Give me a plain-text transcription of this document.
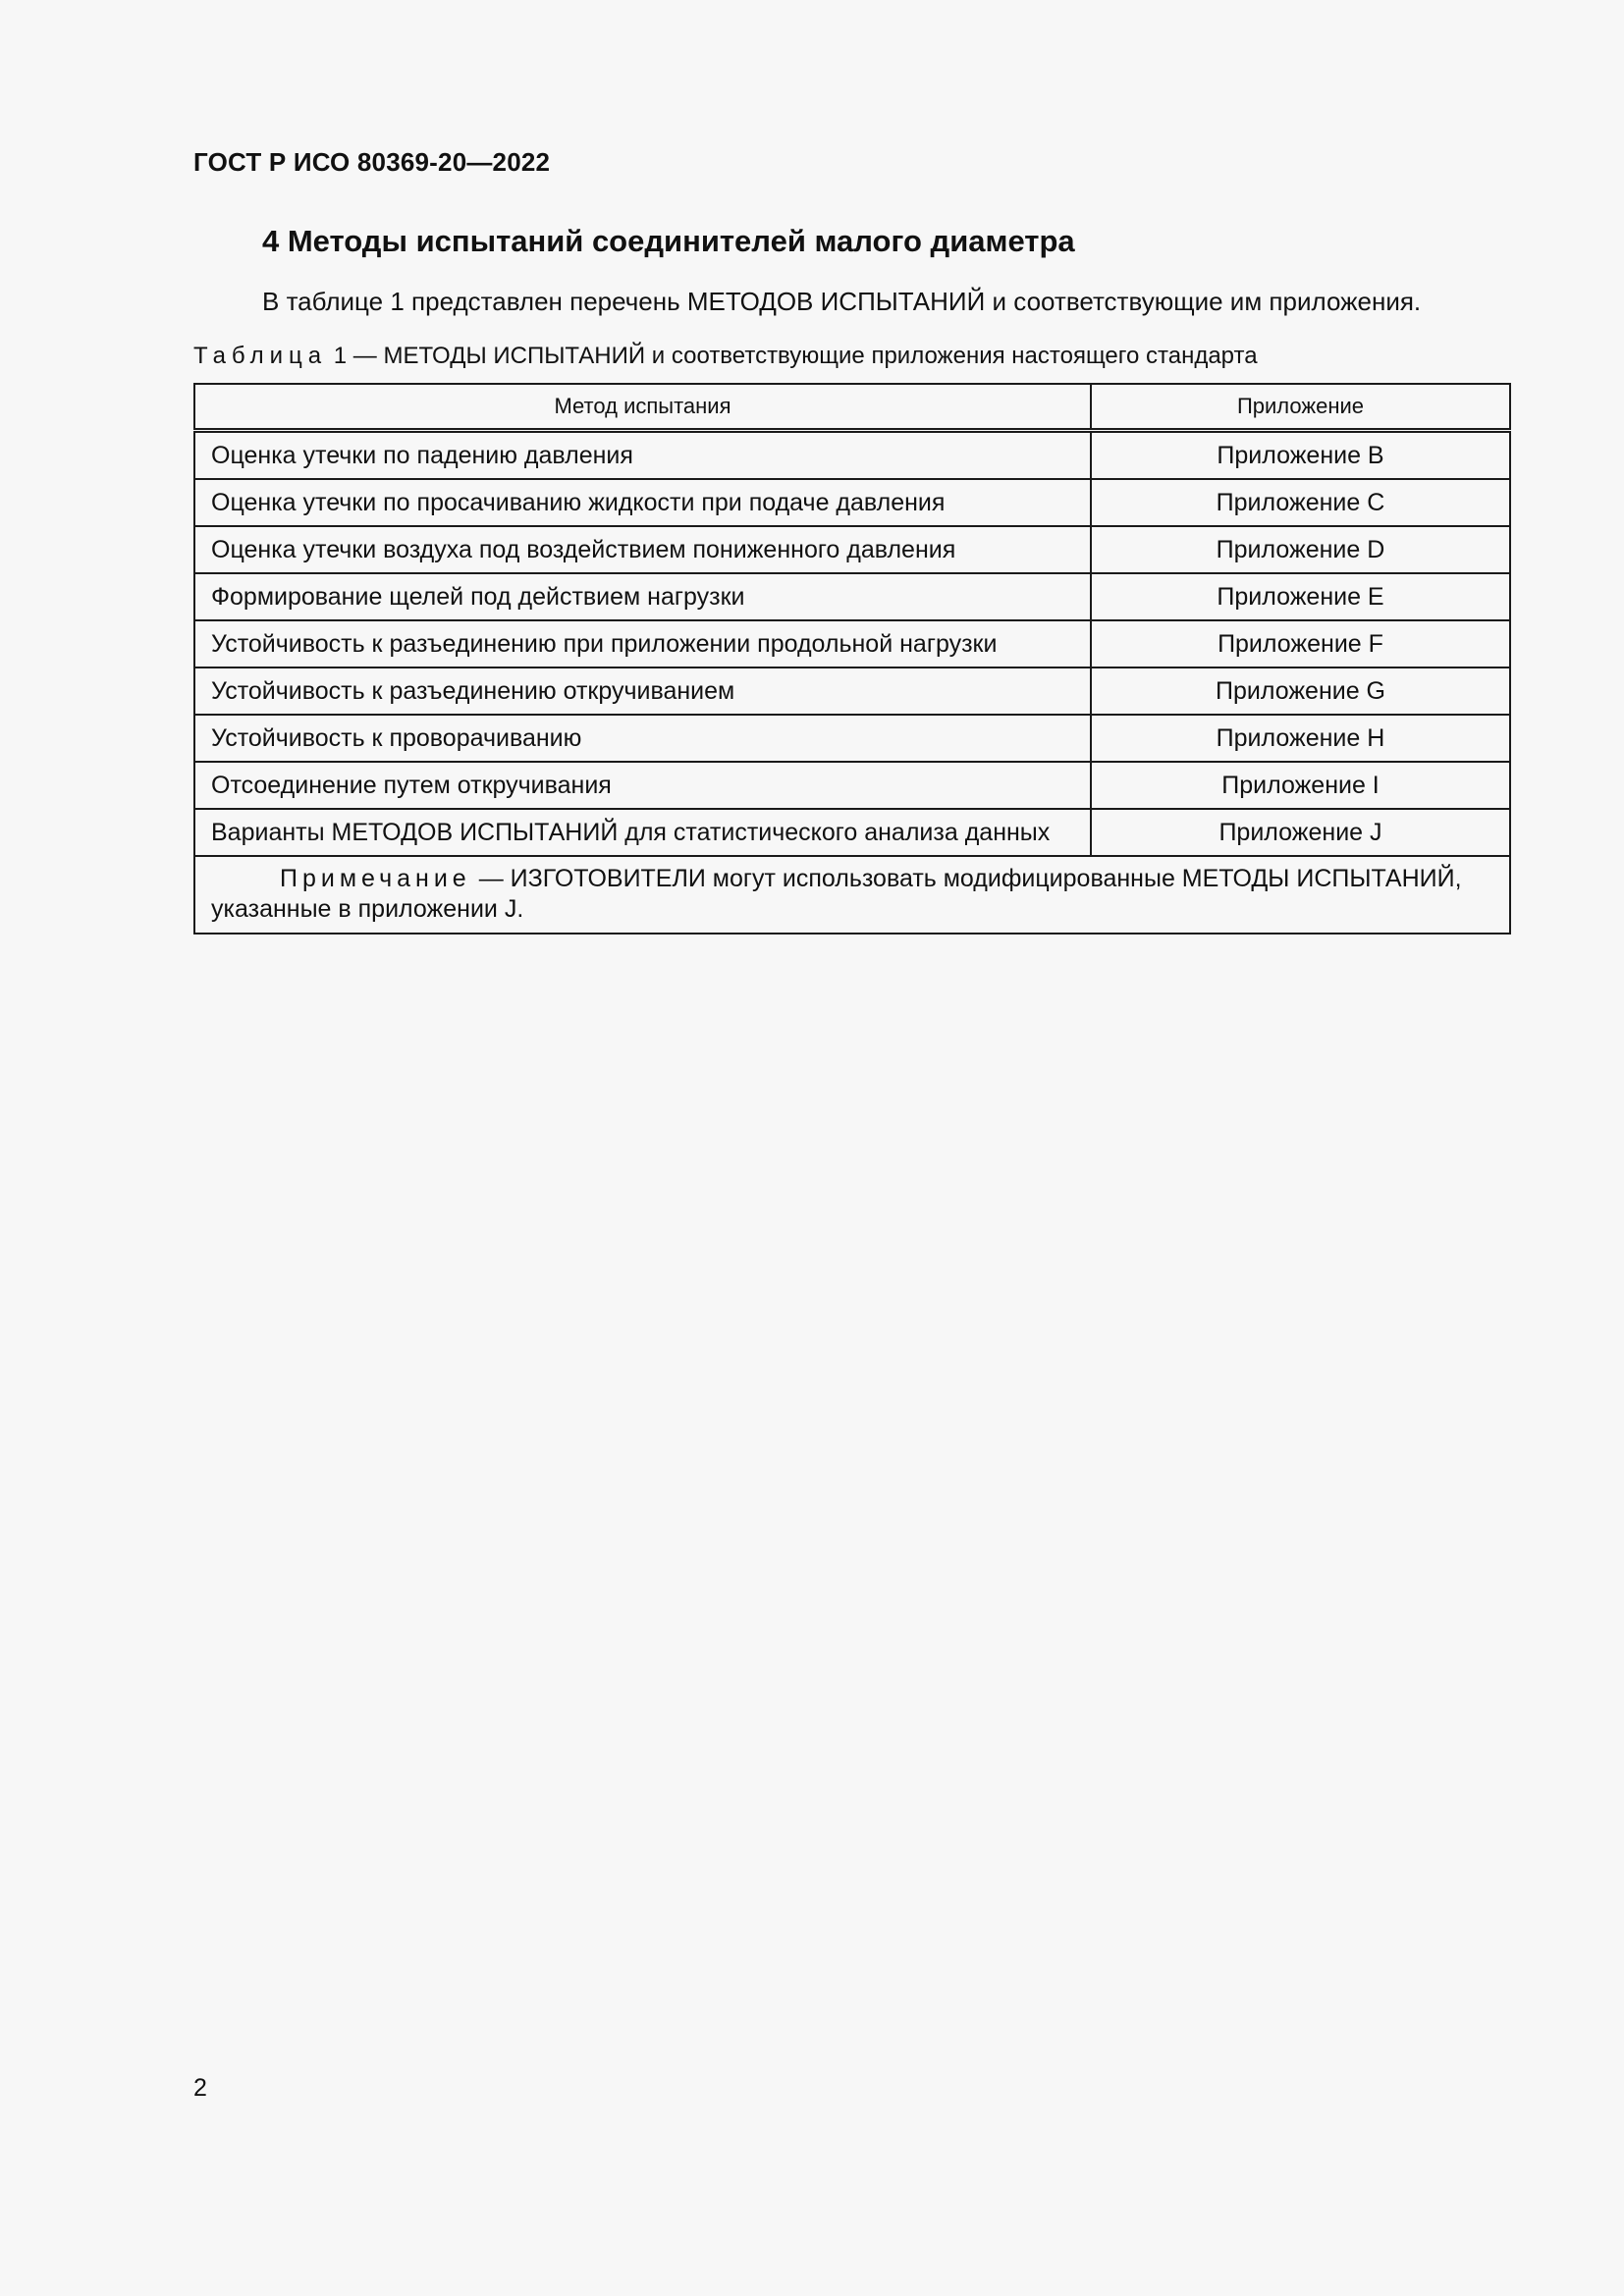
ГОСТ Р ИСО 80369-20—2022
4 Методы испытаний соединителей малого диаметра
В таблице 1 представлен перечень МЕТОДОВ ИСПЫТАНИЙ и соответствующие им приложения.
Таблица 1 — МЕТОДЫ ИСПЫТАНИЙ и соответствующие приложения настоящего стандарта
Метод испытания	Приложение
Оценка утечки по падению давления	Приложение B
Оценка утечки по просачиванию жидкости при подаче давления	Приложение C
Оценка утечки воздуха под воздействием пониженного давления	Приложение D
Формирование щелей под действием нагрузки	Приложение E
Устойчивость к разъединению при приложении продольной нагрузки	Приложение F
Устойчивость к разъединению откручиванием	Приложение G
Устойчивость к проворачиванию	Приложение H
Отсоединение путем откручивания	Приложение I
Варианты МЕТОДОВ ИСПЫТАНИЙ для статистического анализа данных	Приложение J
Примечание — ИЗГОТОВИТЕЛИ могут использовать модифицированные МЕТОДЫ ИСПЫТАНИЙ, указанные в приложении J.	
2
